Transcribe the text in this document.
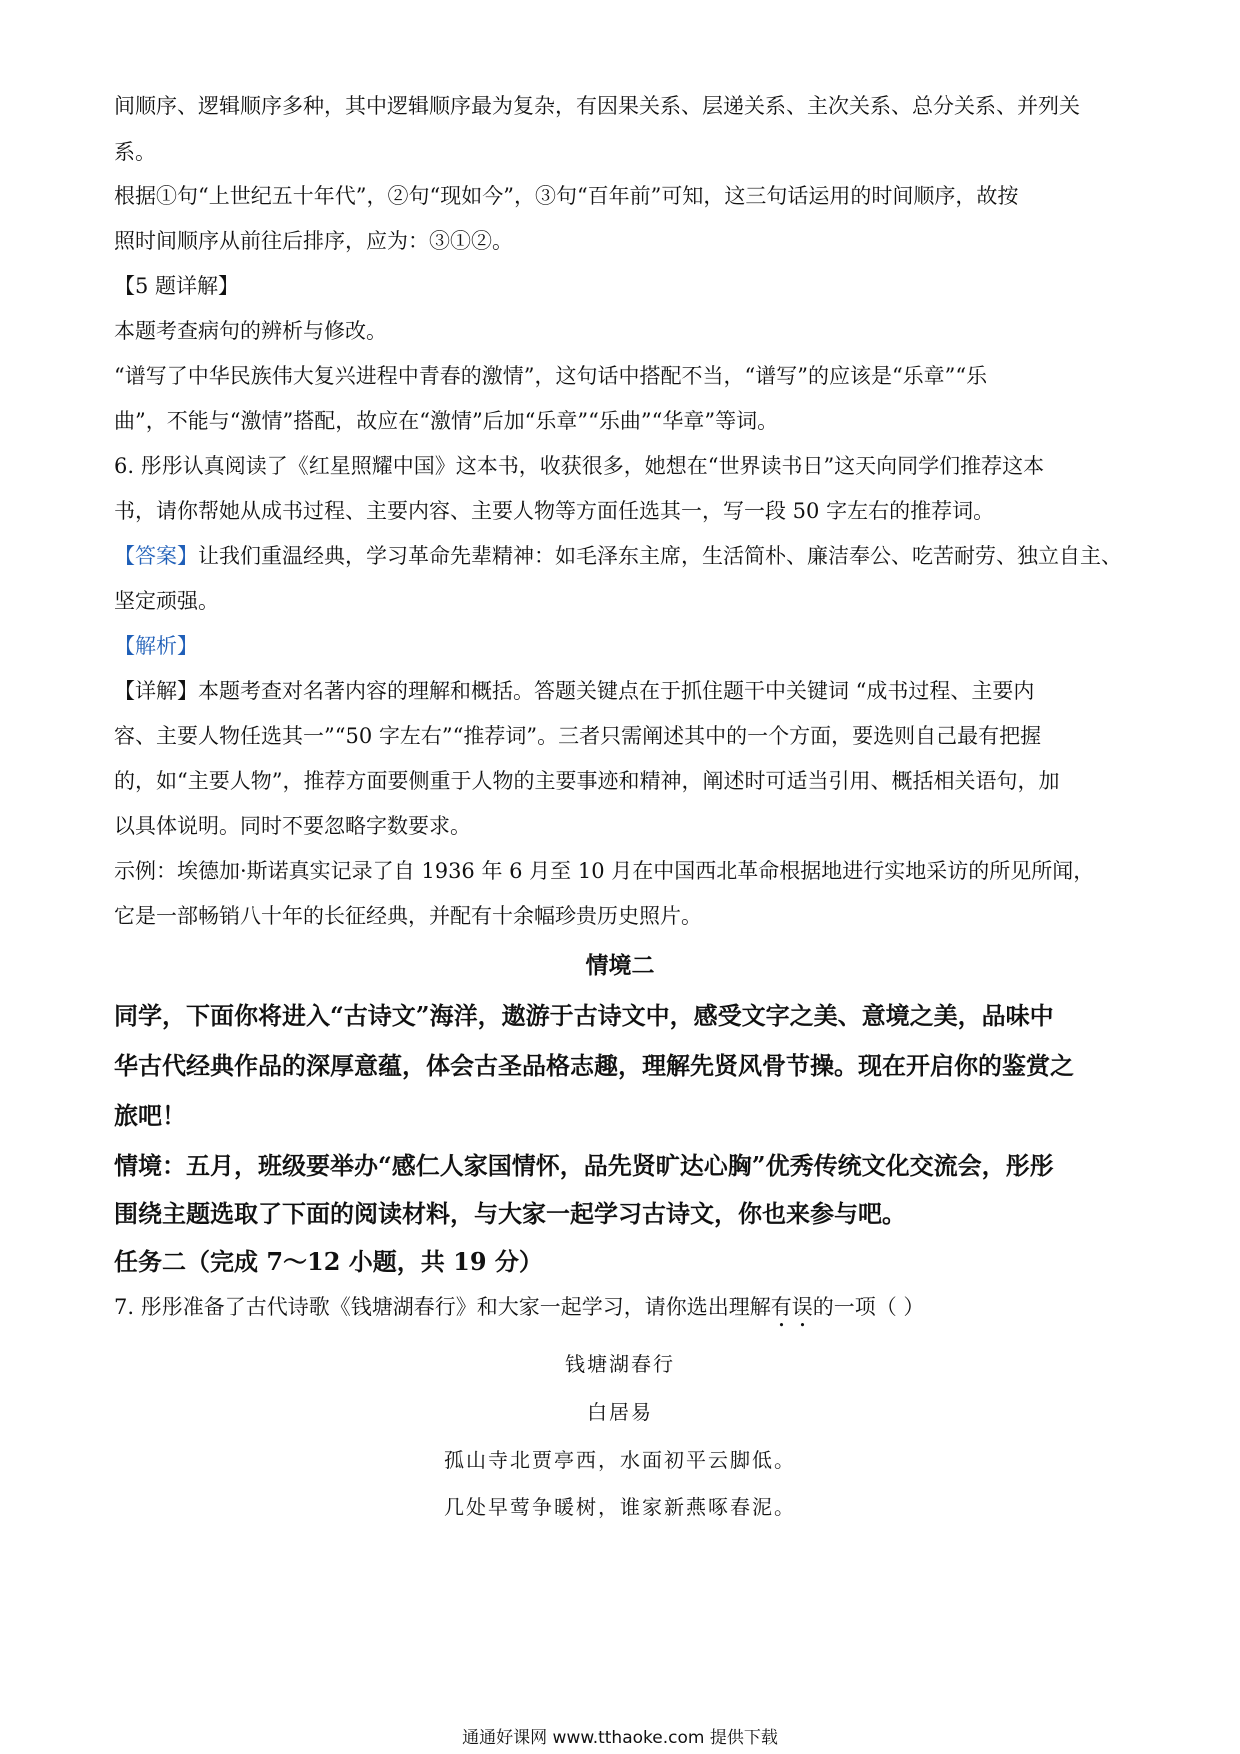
间顺序、逻辑顺序多种，其中逻辑顺序最为复杂，有因果关系、层递关系、主次关系、总分关系、并列关
系。
根据①句“上世纪五十年代”，②句“现如今”，③句“百年前”可知，这三句话运用的时间顺序，故按
照时间顺序从前往后排序，应为：③①②。
【5 题详解】
本题考查病句的辨析与修改。
“谱写了中华民族伟大复兴进程中青春的激情”，这句话中搭配不当，“谱写”的应该是“乐章”“乐
曲”，不能与“激情”搭配，故应在“激情”后加“乐章”“乐曲”“华章”等词。
6. 彤彤认真阅读了《红星照耀中国》这本书，收获很多，她想在“世界读书日”这天向同学们推荐这本
书，请你帮她从成书过程、主要内容、主要人物等方面任选其一，写一段 50 字左右的推荐词。
【答案】让我们重温经典，学习革命先辈精神：如毛泽东主席，生活简朴、廉洁奉公、吃苦耐劳、独立自主、
坚定顽强。
【解析】
【详解】本题考查对名著内容的理解和概括。答题关键点在于抓住题干中关键词 “成书过程、主要内
容、主要人物任选其一”“50 字左右”“推荐词”。三者只需阐述其中的一个方面，要选则自己最有把握
的，如“主要人物”，推荐方面要侧重于人物的主要事迹和精神，阐述时可适当引用、概括相关语句，加
以具体说明。同时不要忽略字数要求。
示例：埃德加·斯诺真实记录了自 1936 年 6 月至 10 月在中国西北革命根据地进行实地采访的所见所闻，
它是一部畅销八十年的长征经典，并配有十余幅珍贵历史照片。
情境二
同学，下面你将进入“古诗文”海洋，遨游于古诗文中，感受文字之美、意境之美，品味中
华古代经典作品的深厚意蕴，体会古圣品格志趣，理解先贤风骨节操。现在开启你的鉴赏之
旅吧！
情境：五月，班级要举办“感仁人家国情怀，品先贤旷达心胸”优秀传统文化交流会，彤彤
围绕主题选取了下面的阅读材料，与大家一起学习古诗文，你也来参与吧。
任务二（完成 7～12 小题，共 19 分）
7. 彤彤准备了古代诗歌《钱塘湖春行》和大家一起学习，请你选出理解有误的一项（ ）
钱塘湖春行
白居易
孤山寺北贾亭西，水面初平云脚低。
几处早莺争暖树，谁家新燕啄春泥。
通通好课网 www.tthaoke.com 提供下载
